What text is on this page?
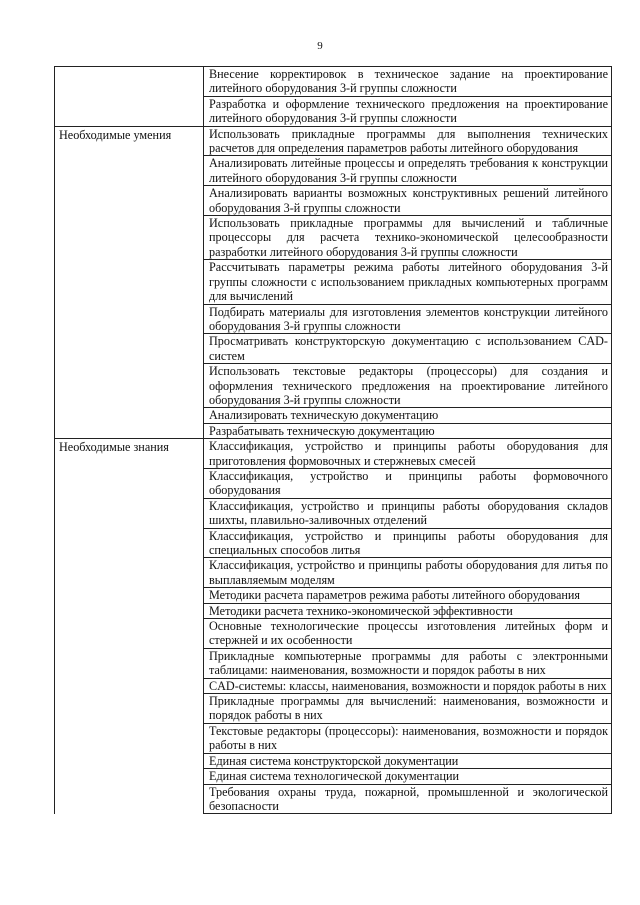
9
	Внесение корректировок в техническое задание на проектирование литейного оборудования 3-й группы сложности
	Разработка и оформление технического предложения на проектирование литейного оборудования 3-й группы сложности

Необходимые умения	Использовать прикладные программы для выполнения технических расчетов для определения параметров работы литейного оборудования
	Анализировать литейные процессы и определять требования к конструкции литейного оборудования 3-й группы сложности
	Анализировать варианты возможных конструктивных решений литейного оборудования 3-й группы сложности
	Использовать прикладные программы для вычислений и табличные процессоры для расчета технико-экономической целесообразности разработки литейного оборудования 3-й группы сложности
	Рассчитывать параметры режима работы литейного оборудования 3-й группы сложности с использованием прикладных компьютерных программ для вычислений
	Подбирать материалы для изготовления элементов конструкции литейного оборудования 3-й группы сложности
	Просматривать конструкторскую документацию с использованием CAD-систем
	Использовать текстовые редакторы (процессоры) для создания и оформления технического предложения на проектирование литейного оборудования 3-й группы сложности
	Анализировать техническую документацию
	Разрабатывать техническую документацию

Необходимые знания	Классификация, устройство и принципы работы оборудования для приготовления формовочных и стержневых смесей
	Классификация, устройство и принципы работы формовочного оборудования
	Классификация, устройство и принципы работы оборудования складов шихты, плавильно-заливочных отделений
	Классификация, устройство и принципы работы оборудования для специальных способов литья
	Классификация, устройство и принципы работы оборудования для литья по выплавляемым моделям
	Методики расчета параметров режима работы литейного оборудования
	Методики расчета технико-экономической эффективности
	Основные технологические процессы изготовления литейных форм и стержней и их особенности
	Прикладные компьютерные программы для работы с электронными таблицами: наименования, возможности и порядок работы в них
	CAD-системы: классы, наименования, возможности и порядок работы в них
	Прикладные программы для вычислений: наименования, возможности и порядок работы в них
	Текстовые редакторы (процессоры): наименования, возможности и порядок работы в них
	Единая система конструкторской документации
	Единая система технологической документации
	Требования охраны труда, пожарной, промышленной и экологической безопасности
